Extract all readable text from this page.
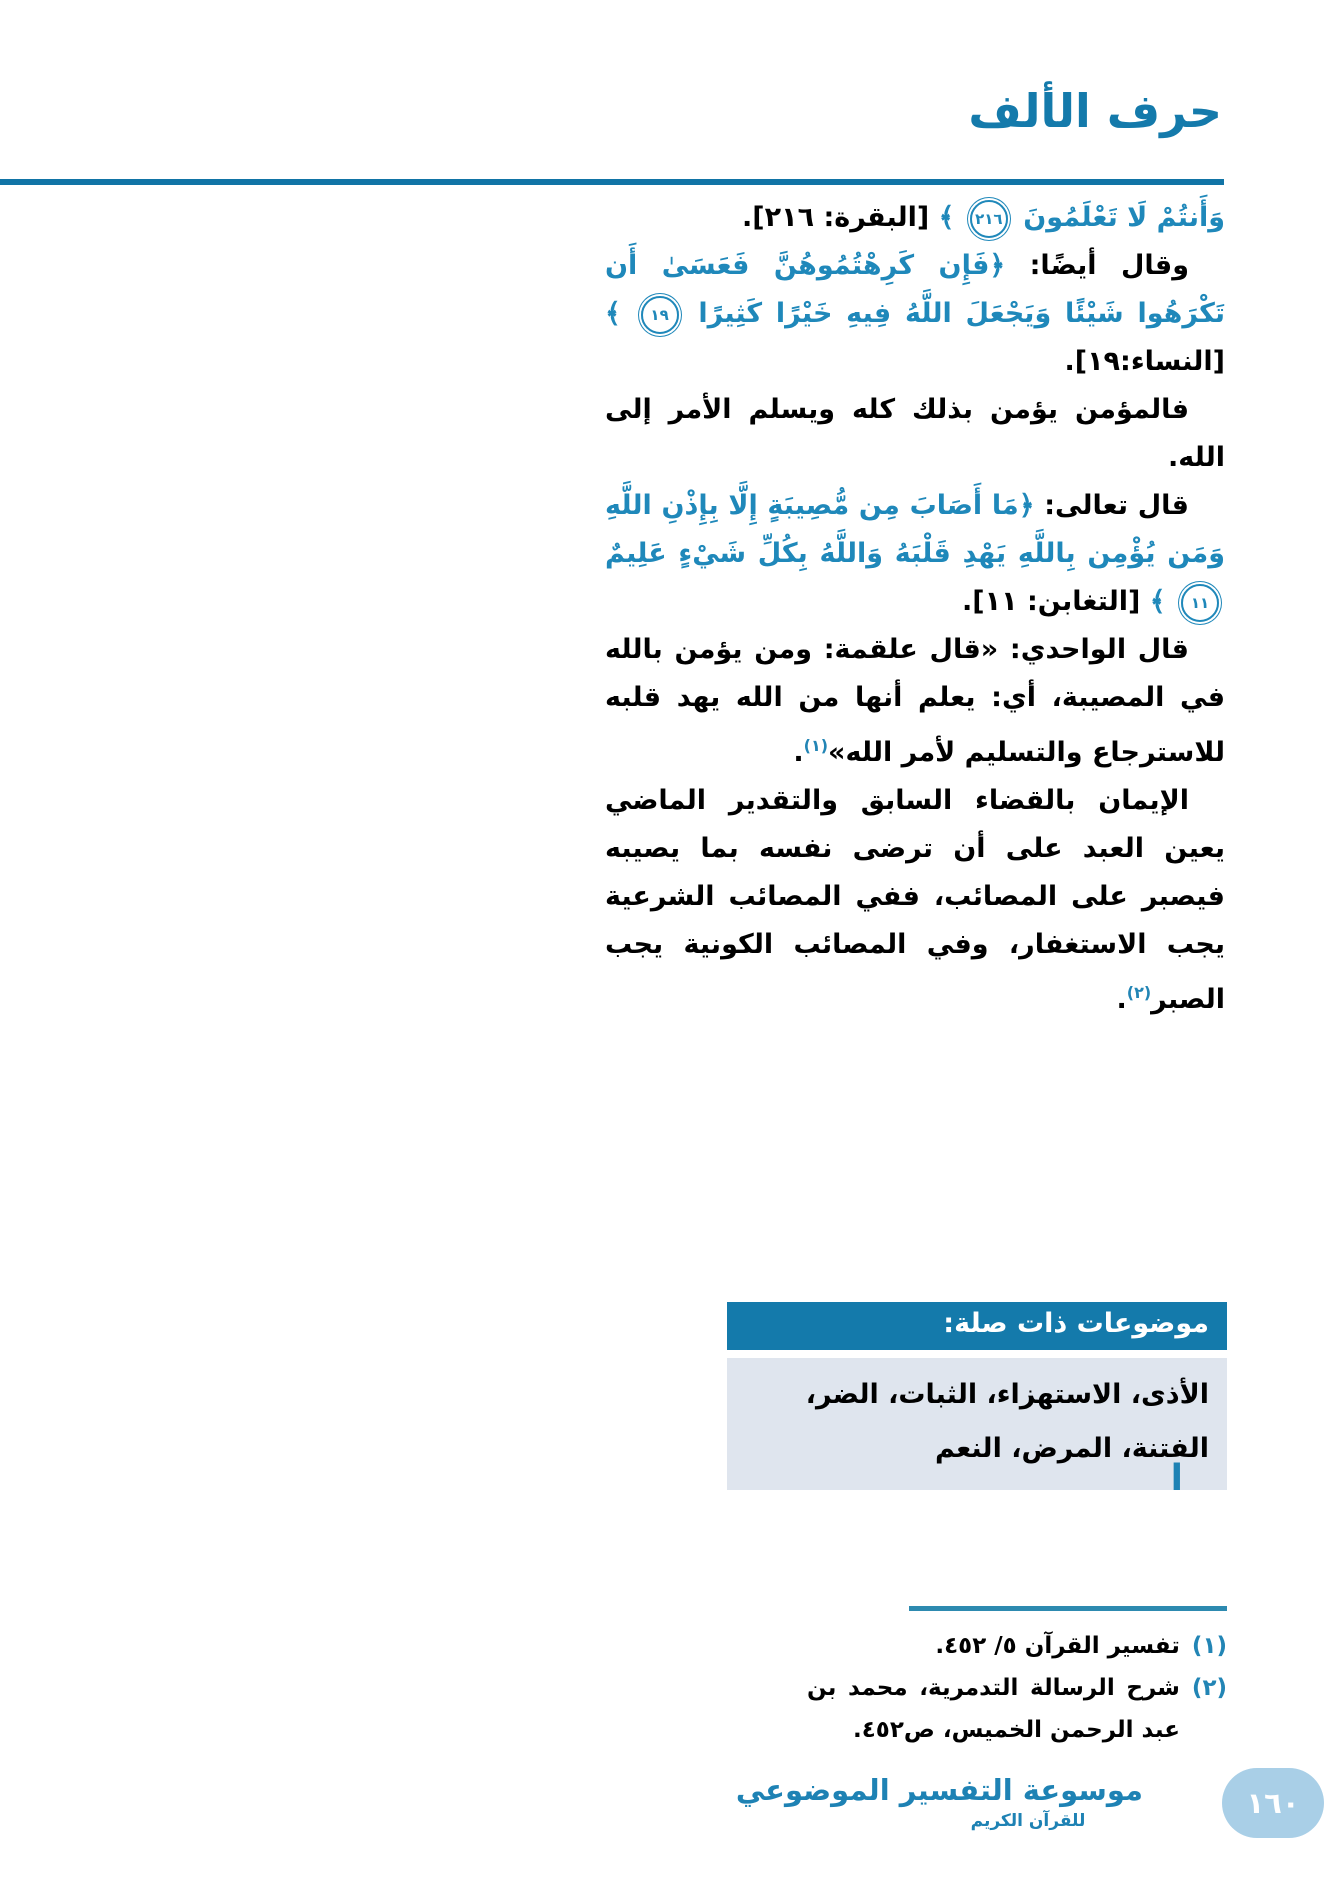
حرف الألف

وَأَنتُمْ لَا تَعْلَمُونَ ٢١٦ ﴾ [البقرة: ٢١٦].

وقال أيضًا: ﴿فَإِن كَرِهْتُمُوهُنَّ فَعَسَىٰ أَن تَكْرَهُوا شَيْئًا وَيَجْعَلَ اللَّهُ فِيهِ خَيْرًا كَثِيرًا ١٩ ﴾ [النساء:١٩].

فالمؤمن يؤمن بذلك كله ويسلم الأمر إلى الله.

قال تعالى: ﴿مَا أَصَابَ مِن مُّصِيبَةٍ إِلَّا بِإِذْنِ اللَّهِ وَمَن يُؤْمِن بِاللَّهِ يَهْدِ قَلْبَهُ وَاللَّهُ بِكُلِّ شَيْءٍ عَلِيمٌ ١١ ﴾ [التغابن: ١١].

قال الواحدي: «قال علقمة: ومن يؤمن بالله في المصيبة، أي: يعلم أنها من الله يهد قلبه للاسترجاع والتسليم لأمر الله»$^{(١)}$.

الإيمان بالقضاء السابق والتقدير الماضي يعين العبد على أن ترضى نفسه بما يصيبه فيصبر على المصائب، ففي المصائب الشرعية يجب الاستغفار، وفي المصائب الكونية يجب الصبر$^{(٢)}$.

موضوعات ذات صلة:
الأذى، الاستهزاء، الثبات، الضر، الفتنة، المرض، النعم
ا
(١)
تفسير القرآن ٥/ ٤٥٢.
(٢)
شرح الرسالة التدمرية، محمد بن عبد الرحمن الخميس، ص٤٥٢.
موسوعة التفسير الموضوعي
للقرآن الكريم
١٦٠
